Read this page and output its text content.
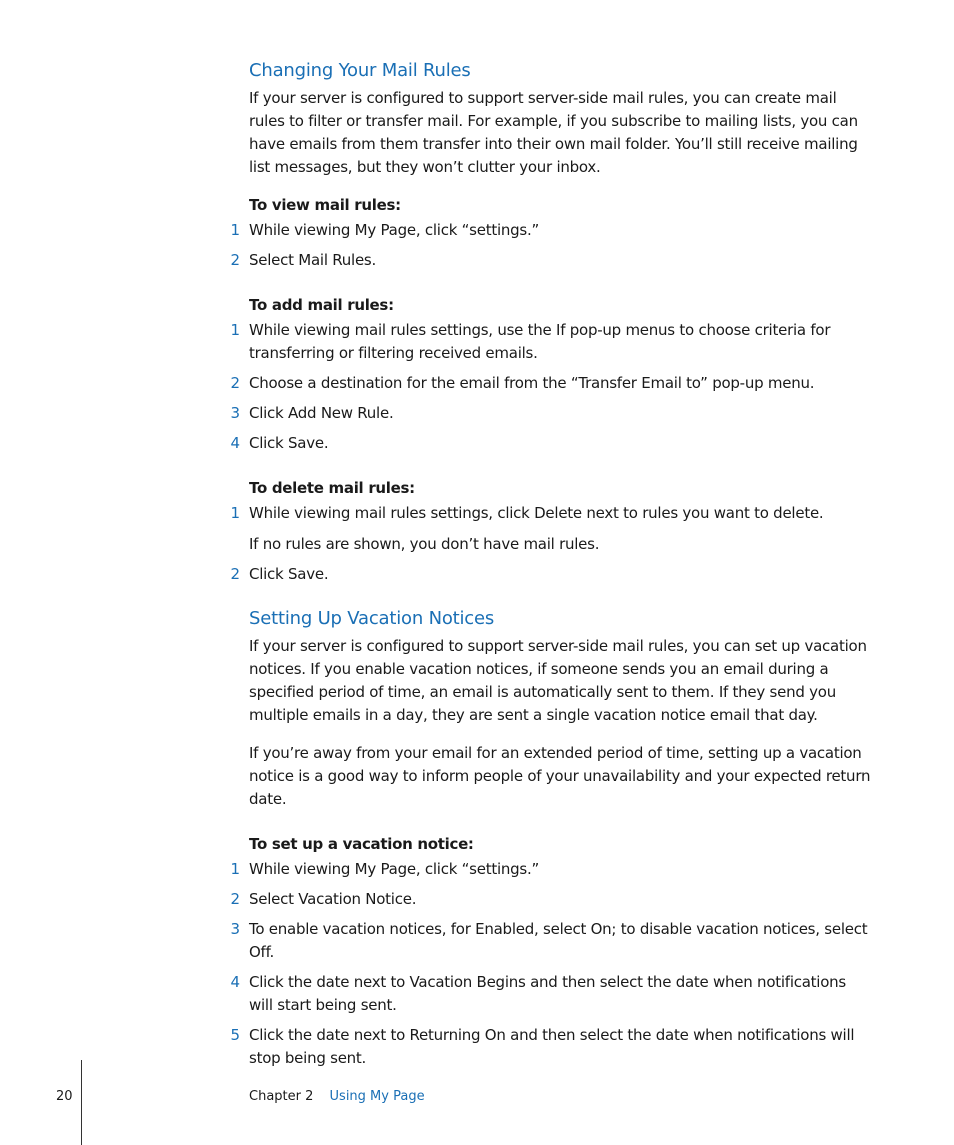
Changing Your Mail Rules

If your server is configured to support server-side mail rules, you can create mail rules to filter or transfer mail. For example, if you subscribe to mailing lists, you can have emails from them transfer into their own mail folder. You’ll still receive mailing list messages, but they won’t clutter your inbox.

To view mail rules:

1 While viewing My Page, click “settings.”

2 Select Mail Rules.

To add mail rules:

1 While viewing mail rules settings, use the If pop-up menus to choose criteria for transferring or filtering received emails.

2 Choose a destination for the email from the “Transfer Email to” pop-up menu.

3 Click Add New Rule.

4 Click Save.

To delete mail rules:

1 While viewing mail rules settings, click Delete next to rules you want to delete.

If no rules are shown, you don’t have mail rules.

2 Click Save.

Setting Up Vacation Notices

If your server is configured to support server-side mail rules, you can set up vacation notices. If you enable vacation notices, if someone sends you an email during a specified period of time, an email is automatically sent to them. If they send you multiple emails in a day, they are sent a single vacation notice email that day.

If you’re away from your email for an extended period of time, setting up a vacation notice is a good way to inform people of your unavailability and your expected return date.

To set up a vacation notice:

1 While viewing My Page, click “settings.”

2 Select Vacation Notice.

3 To enable vacation notices, for Enabled, select On; to disable vacation notices, select Off.

4 Click the date next to Vacation Begins and then select the date when notifications will start being sent.

5 Click the date next to Returning On and then select the date when notifications will stop being sent.

20	Chapter 2 Using My Page
